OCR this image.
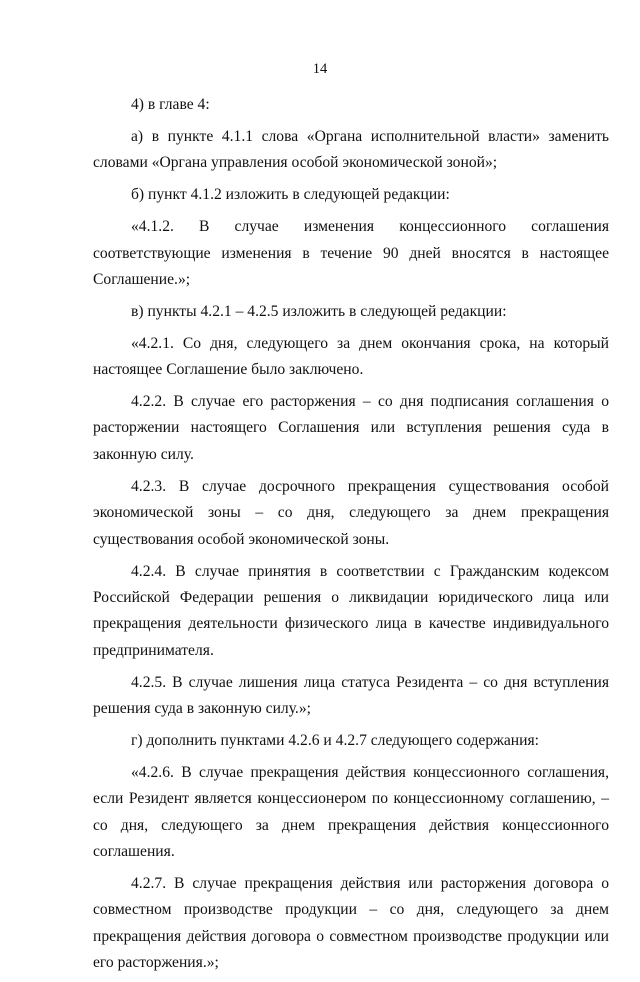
14

4) в главе 4:

а) в пункте 4.1.1 слова «Органа исполнительной власти» заменить словами «Органа управления особой экономической зоной»;

б) пункт 4.1.2 изложить в следующей редакции:

«4.1.2. В случае изменения концессионного соглашения соответствующие изменения в течение 90 дней вносятся в настоящее Соглашение.»;

в) пункты 4.2.1 – 4.2.5 изложить в следующей редакции:

«4.2.1. Со дня, следующего за днем окончания срока, на который настоящее Соглашение было заключено.

4.2.2. В случае его расторжения – со дня подписания соглашения о расторжении настоящего Соглашения или вступления решения суда в законную силу.

4.2.3. В случае досрочного прекращения существования особой экономической зоны – со дня, следующего за днем прекращения существования особой экономической зоны.

4.2.4. В случае принятия в соответствии с Гражданским кодексом Российской Федерации решения о ликвидации юридического лица или прекращения деятельности физического лица в качестве индивидуального предпринимателя.

4.2.5. В случае лишения лица статуса Резидента – со дня вступления решения суда в законную силу.»;

г) дополнить пунктами 4.2.6 и 4.2.7 следующего содержания:

«4.2.6. В случае прекращения действия концессионного соглашения, если Резидент является концессионером по концессионному соглашению, – со дня, следующего за днем прекращения действия концессионного соглашения.

4.2.7. В случае прекращения действия или расторжения договора о совместном производстве продукции – со дня, следующего за днем прекращения действия договора о совместном производстве продукции или его расторжения.»;
